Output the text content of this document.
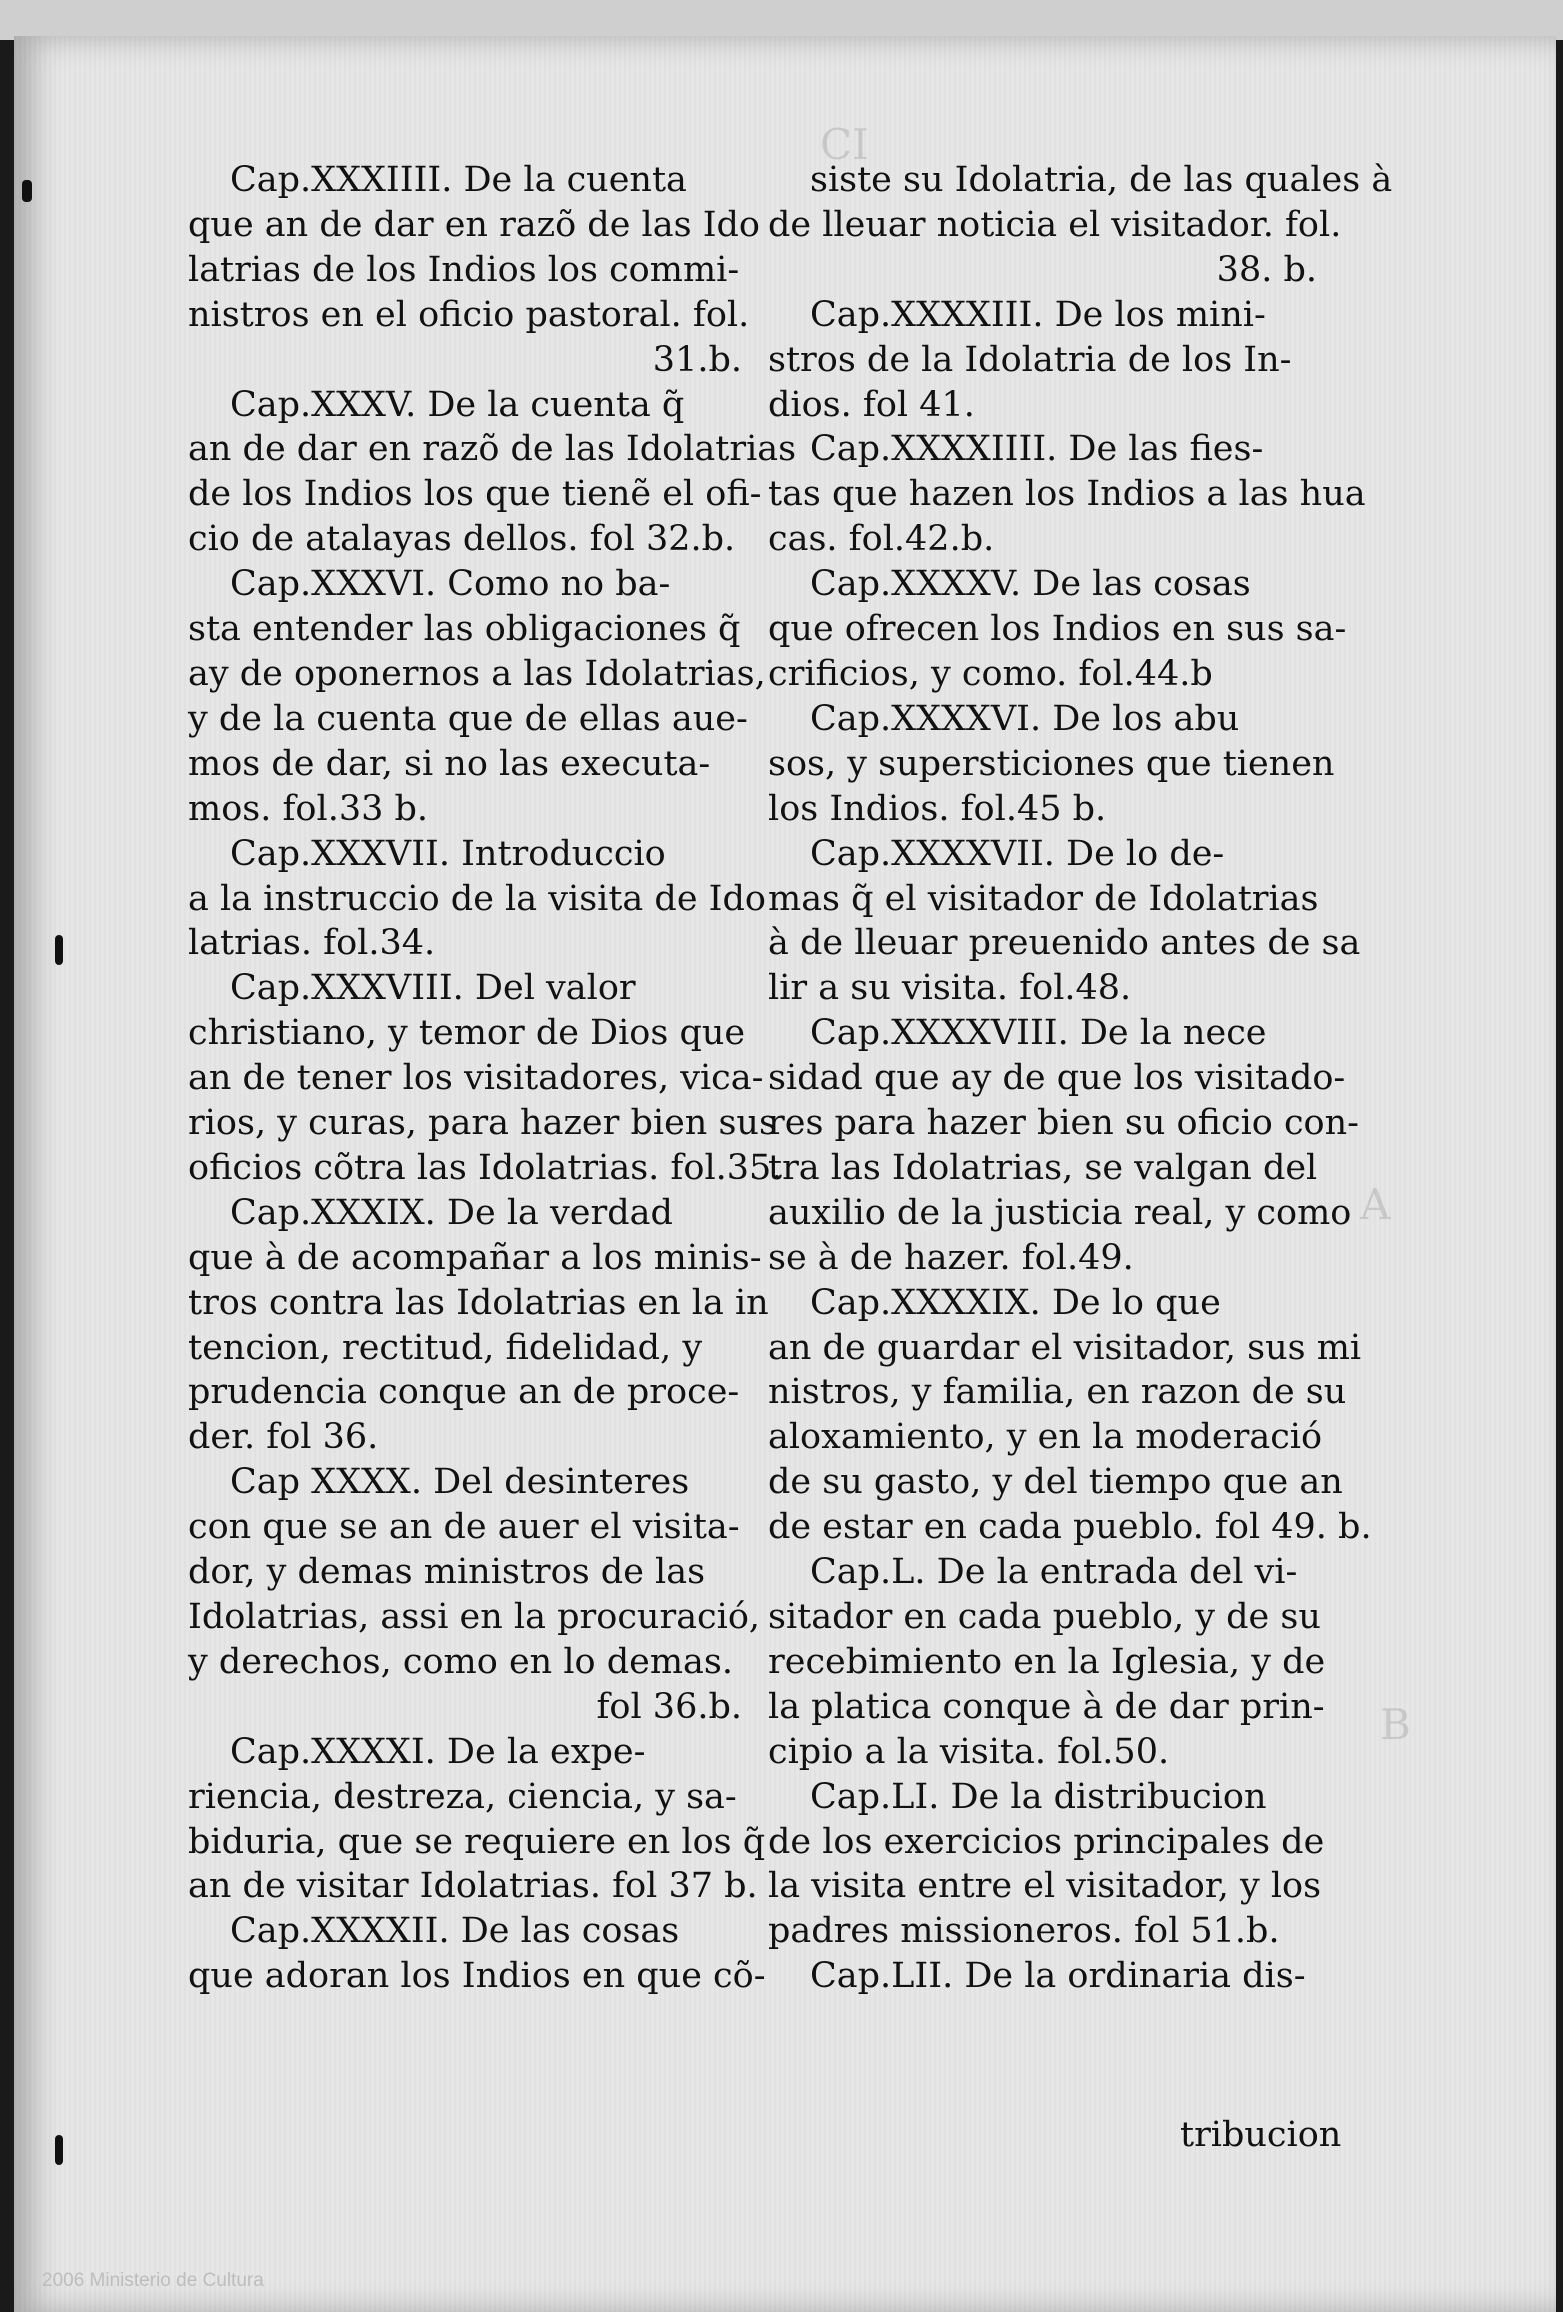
CI
A
B
Cap.XXXIIII. De la cuenta
que an de dar en razõ de las Ido
latrias de los Indios los commi-
nistros en el oficio pastoral. fol.
31.b.
Cap.XXXV. De la cuenta q̃
an de dar en razõ de las Idolatrias
de los Indios los que tienẽ el ofi-
cio de atalayas dellos. fol 32.b.
Cap.XXXVI. Como no ba-
sta entender las obligaciones q̃
ay de oponernos a las Idolatrias,
y de la cuenta que de ellas aue-
mos de dar, si no las executa-
mos. fol.33 b.
Cap.XXXVII. Introduccio
a la instruccio de la visita de Ido
latrias. fol.34.
Cap.XXXVIII. Del valor
christiano, y temor de Dios que
an de tener los visitadores, vica-
rios, y curas, para hazer bien sus
oficios cõtra las Idolatrias. fol.35.
Cap.XXXIX. De la verdad
que à de acompañar a los minis-
tros contra las Idolatrias en la in
tencion, rectitud, fidelidad, y
prudencia conque an de proce-
der. fol 36.
Cap XXXX. Del desinteres
con que se an de auer el visita-
dor, y demas ministros de las
Idolatrias, assi en la procuració,
y derechos, como en lo demas.
fol 36.b.
Cap.XXXXI. De la expe-
riencia, destreza, ciencia, y sa-
biduria, que se requiere en los q̃
an de visitar Idolatrias. fol 37 b.
Cap.XXXXII. De las cosas
que adoran los Indios en que cõ-
siste su Idolatria, de las quales à
de lleuar noticia el visitador. fol.
38. b.
Cap.XXXXIII. De los mini-
stros de la Idolatria de los In-
dios. fol 41.
Cap.XXXXIIII. De las fies-
tas que hazen los Indios a las hua
cas. fol.42.b.
Cap.XXXXV. De las cosas
que ofrecen los Indios en sus sa-
crificios, y como. fol.44.b
Cap.XXXXVI. De los abu
sos, y supersticiones que tienen
los Indios. fol.45 b.
Cap.XXXXVII. De lo de-
mas q̃ el visitador de Idolatrias
à de lleuar preuenido antes de sa
lir a su visita. fol.48.
Cap.XXXXVIII. De la nece
sidad que ay de que los visitado-
res para hazer bien su oficio con-
tra las Idolatrias, se valgan del
auxilio de la justicia real, y como
se à de hazer. fol.49.
Cap.XXXXIX. De lo que
an de guardar el visitador, sus mi
nistros, y familia, en razon de su
aloxamiento, y en la moderació
de su gasto, y del tiempo que an
de estar en cada pueblo. fol 49. b.
Cap.L. De la entrada del vi-
sitador en cada pueblo, y de su
recebimiento en la Iglesia, y de
la platica conque à de dar prin-
cipio a la visita. fol.50.
Cap.LI. De la distribucion
de los exercicios principales de
la visita entre el visitador, y los
padres missioneros. fol 51.b.
Cap.LII. De la ordinaria dis-
tribucion
2006 Ministerio de Cultura
